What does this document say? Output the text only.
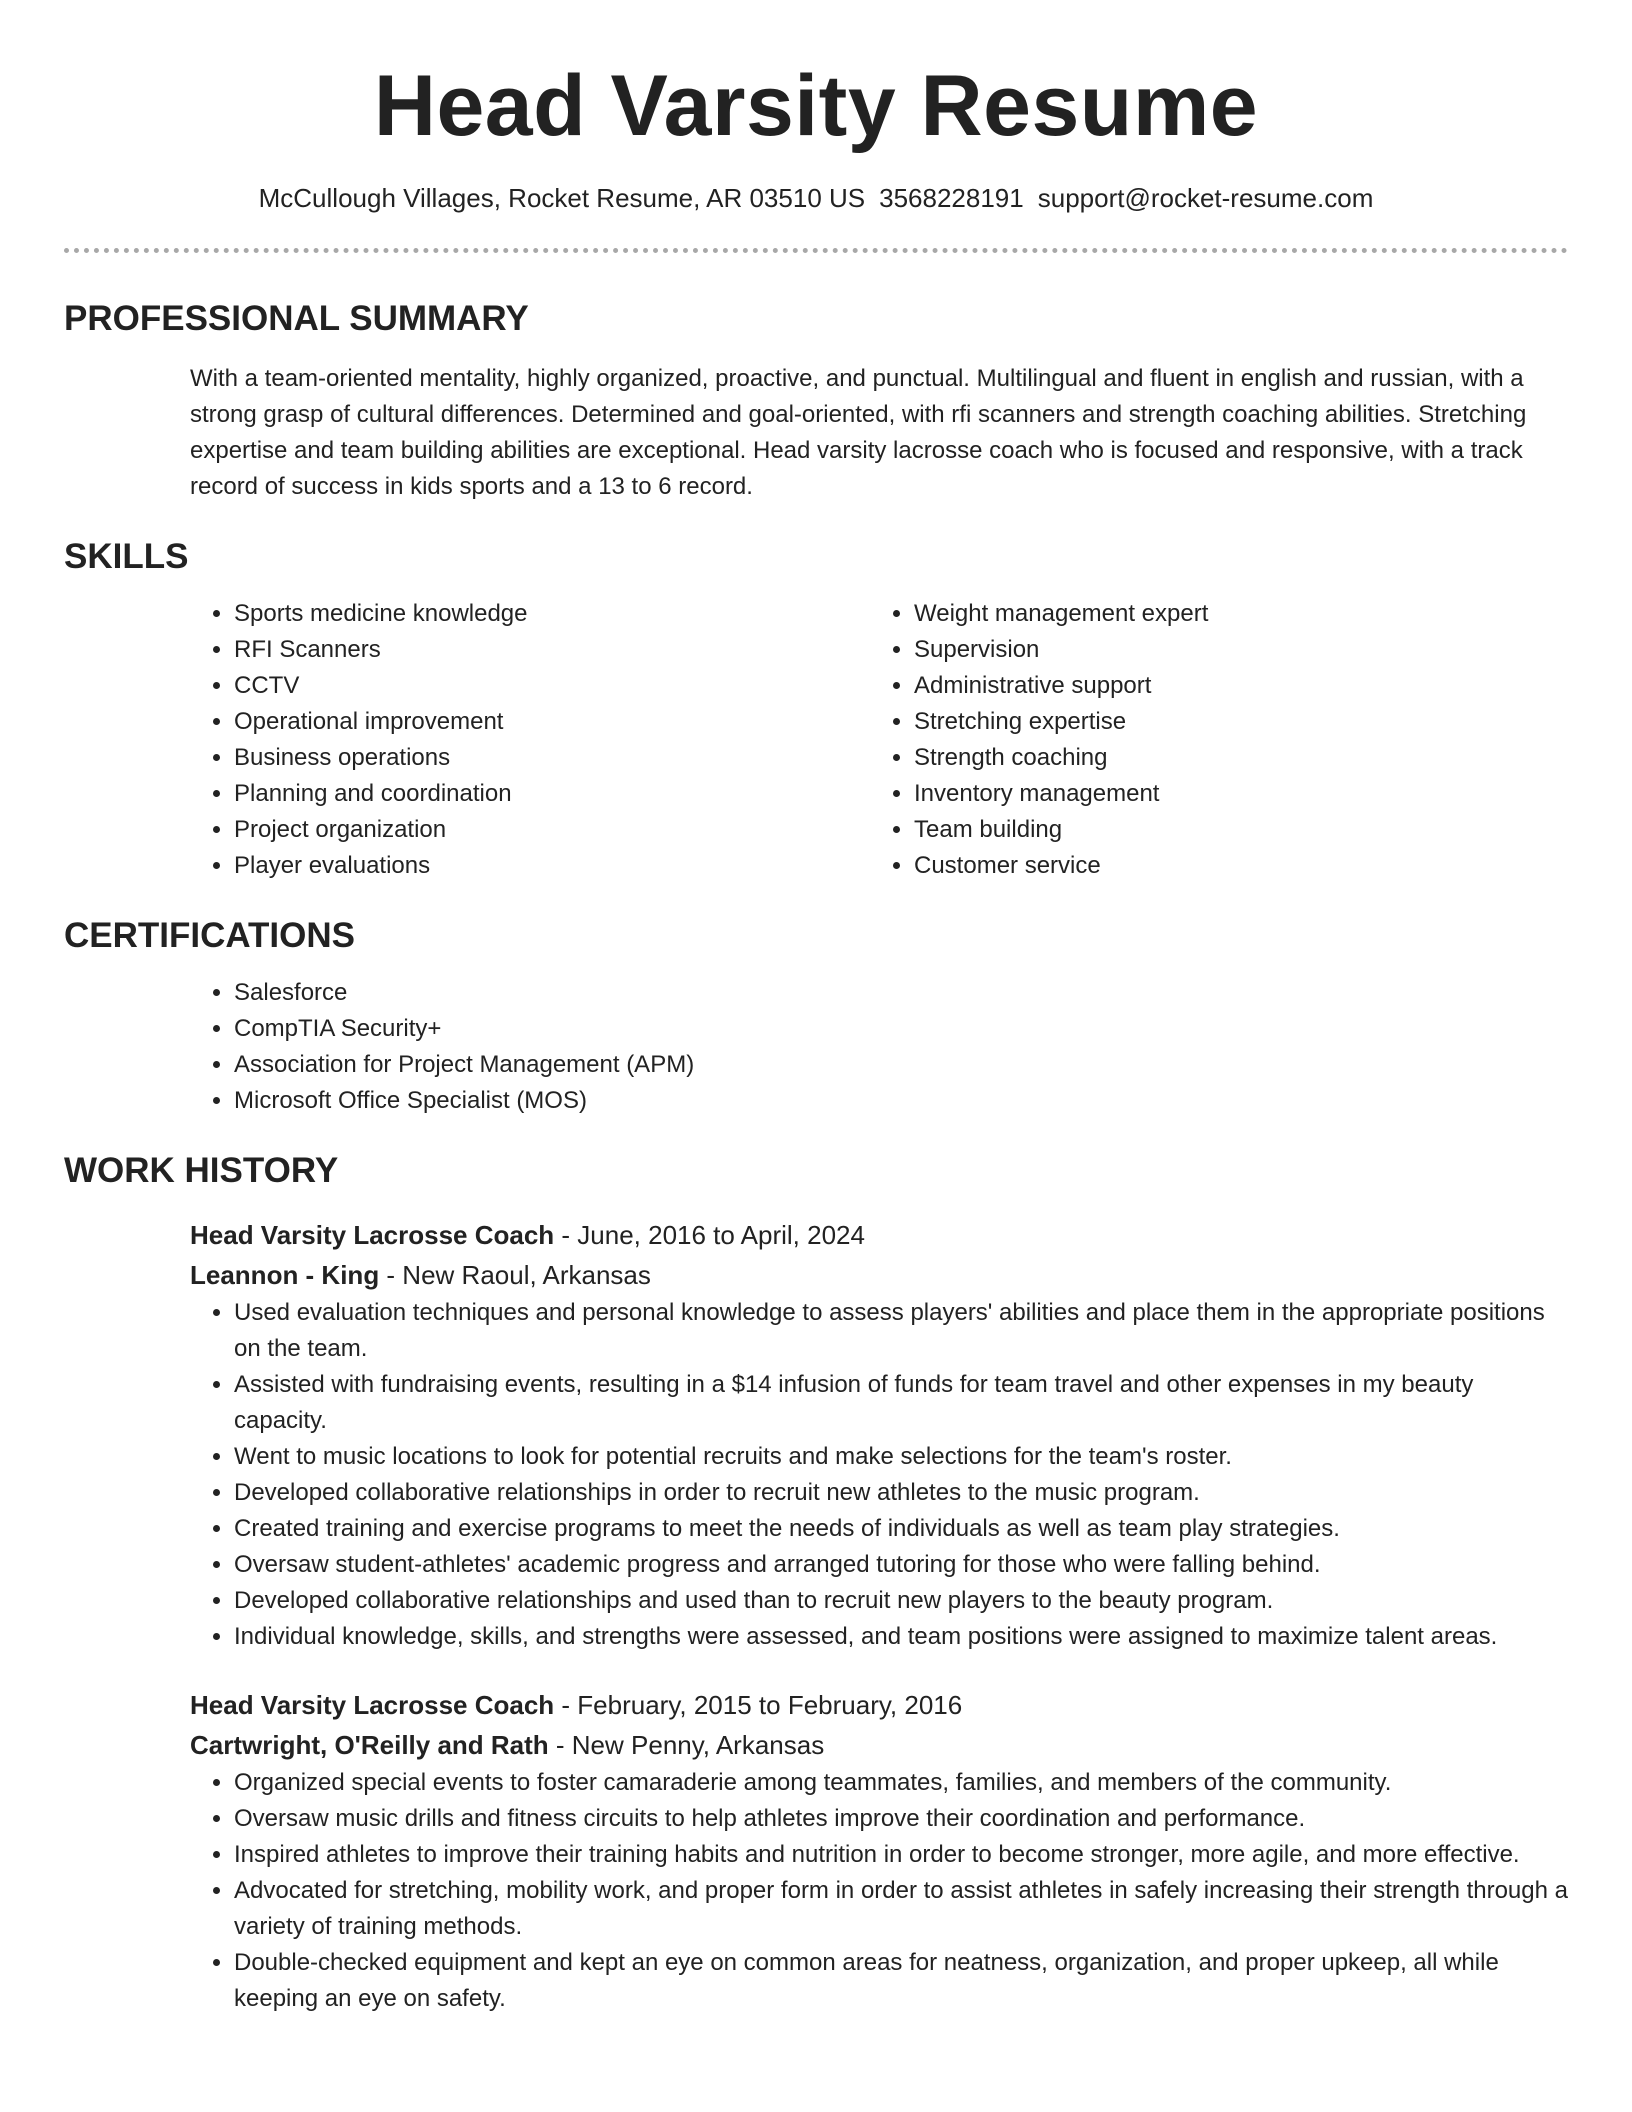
Head Varsity Resume
McCullough Villages, Rocket Resume, AR 03510 US 3568228191 support@rocket-resume.com
PROFESSIONAL SUMMARY

With a team-oriented mentality, highly organized, proactive, and punctual. Multilingual and fluent in english and russian, with a strong grasp of cultural differences. Determined and goal-oriented, with rfi scanners and strength coaching abilities. Stretching expertise and team building abilities are exceptional. Head varsity lacrosse coach who is focused and responsive, with a track record of success in kids sports and a 13 to 6 record.

SKILLS
• Sports medicine knowledge
• RFI Scanners
• CCTV
• Operational improvement
• Business operations
• Planning and coordination
• Project organization
• Player evaluations
• Weight management expert
• Supervision
• Administrative support
• Stretching expertise
• Strength coaching
• Inventory management
• Team building
• Customer service
CERTIFICATIONS
• Salesforce
• CompTIA Security+
• Association for Project Management (APM)
• Microsoft Office Specialist (MOS)
WORK HISTORY
Head Varsity Lacrosse Coach - June, 2016 to April, 2024
Leannon - King - New Raoul, Arkansas
• Used evaluation techniques and personal knowledge to assess players' abilities and place them in the appropriate positions on the team.
• Assisted with fundraising events, resulting in a $14 infusion of funds for team travel and other expenses in my beauty capacity.
• Went to music locations to look for potential recruits and make selections for the team's roster.
• Developed collaborative relationships in order to recruit new athletes to the music program.
• Created training and exercise programs to meet the needs of individuals as well as team play strategies.
• Oversaw student-athletes' academic progress and arranged tutoring for those who were falling behind.
• Developed collaborative relationships and used than to recruit new players to the beauty program.
• Individual knowledge, skills, and strengths were assessed, and team positions were assigned to maximize talent areas.
Head Varsity Lacrosse Coach - February, 2015 to February, 2016
Cartwright, O'Reilly and Rath - New Penny, Arkansas
• Organized special events to foster camaraderie among teammates, families, and members of the community.
• Oversaw music drills and fitness circuits to help athletes improve their coordination and performance.
• Inspired athletes to improve their training habits and nutrition in order to become stronger, more agile, and more effective.
• Advocated for stretching, mobility work, and proper form in order to assist athletes in safely increasing their strength through a variety of training methods.
• Double-checked equipment and kept an eye on common areas for neatness, organization, and proper upkeep, all while keeping an eye on safety.
